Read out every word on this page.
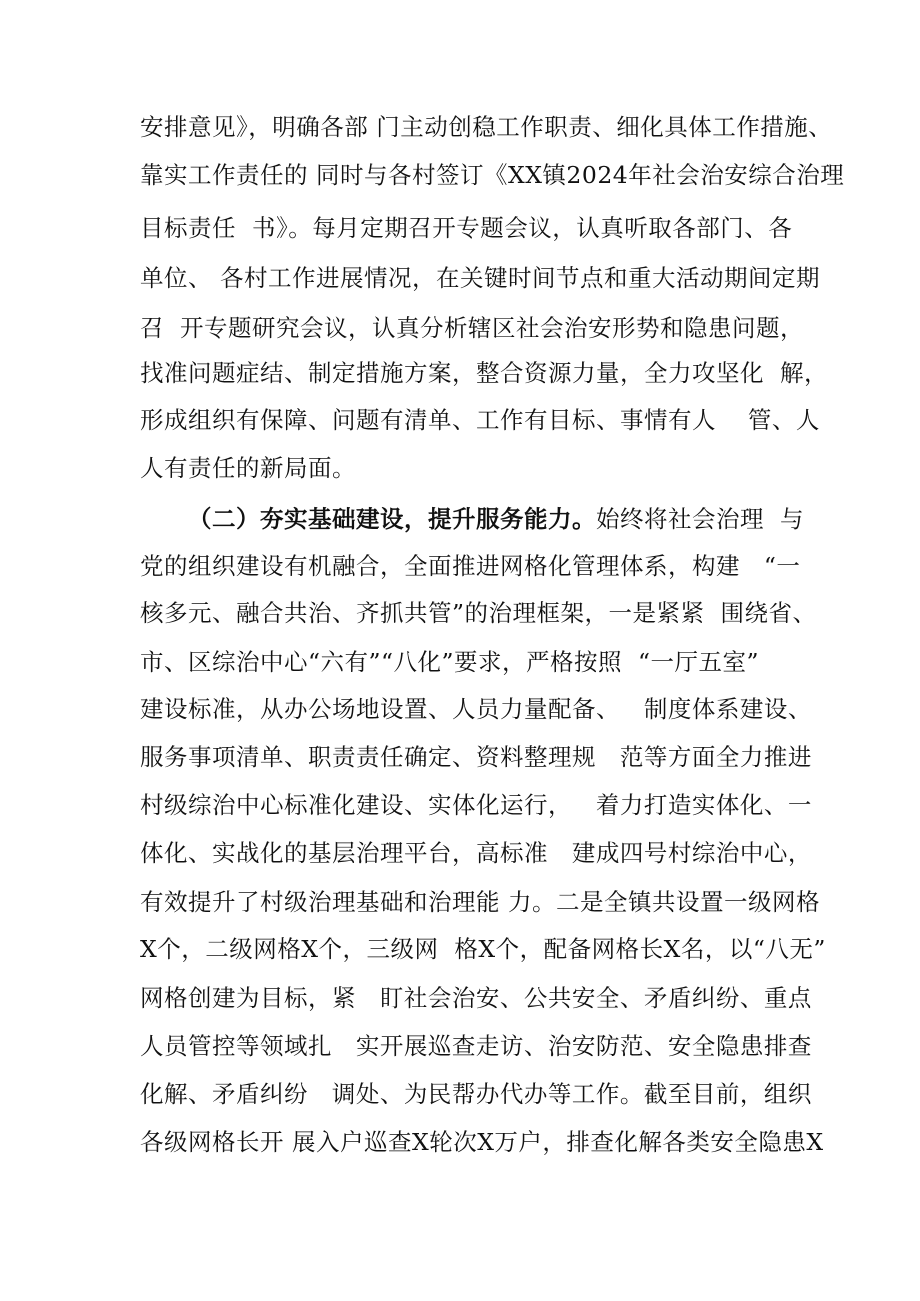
安排意见》，明确各部 门主动创稳工作职责、细化具体工作措施、
靠实工作责任的 同时与各村签订《XX镇2024年社会治安综合治理
目标责任  书》。每月定期召开专题会议，认真听取各部门、各
单位、 各村工作进展情况，在关键时间节点和重大活动期间定期
召  开专题研究会议，认真分析辖区社会治安形势和隐患问题，
找准问题症结、制定措施方案，整合资源力量，全力攻坚化  解，
形成组织有保障、问题有清单、工作有目标、事情有人    管、人
人有责任的新局面。
（二）夯实基础建设，提升服务能力。始终将社会治理  与
党的组织建设有机融合，全面推进网格化管理体系，构建   “一
核多元、融合共治、齐抓共管”的治理框架，一是紧紧  围绕省、
市、区综治中心“六有”“八化”要求，严格按照  “一厅五室”
建设标准，从办公场地设置、人员力量配备、   制度体系建设、
服务事项清单、职责责任确定、资料整理规   范等方面全力推进
村级综治中心标准化建设、实体化运行，   着力打造实体化、一
体化、实战化的基层治理平台，高标准   建成四号村综治中心，
有效提升了村级治理基础和治理能 力。二是全镇共设置一级网格
X个，二级网格X个，三级网  格X个，配备网格长X名，以“八无”
网格创建为目标，紧   盯社会治安、公共安全、矛盾纠纷、重点
人员管控等领域扎   实开展巡查走访、治安防范、安全隐患排查
化解、矛盾纠纷   调处、为民帮办代办等工作。截至目前，组织
各级网格长开 展入户巡查X轮次X万户，排查化解各类安全隐患X
